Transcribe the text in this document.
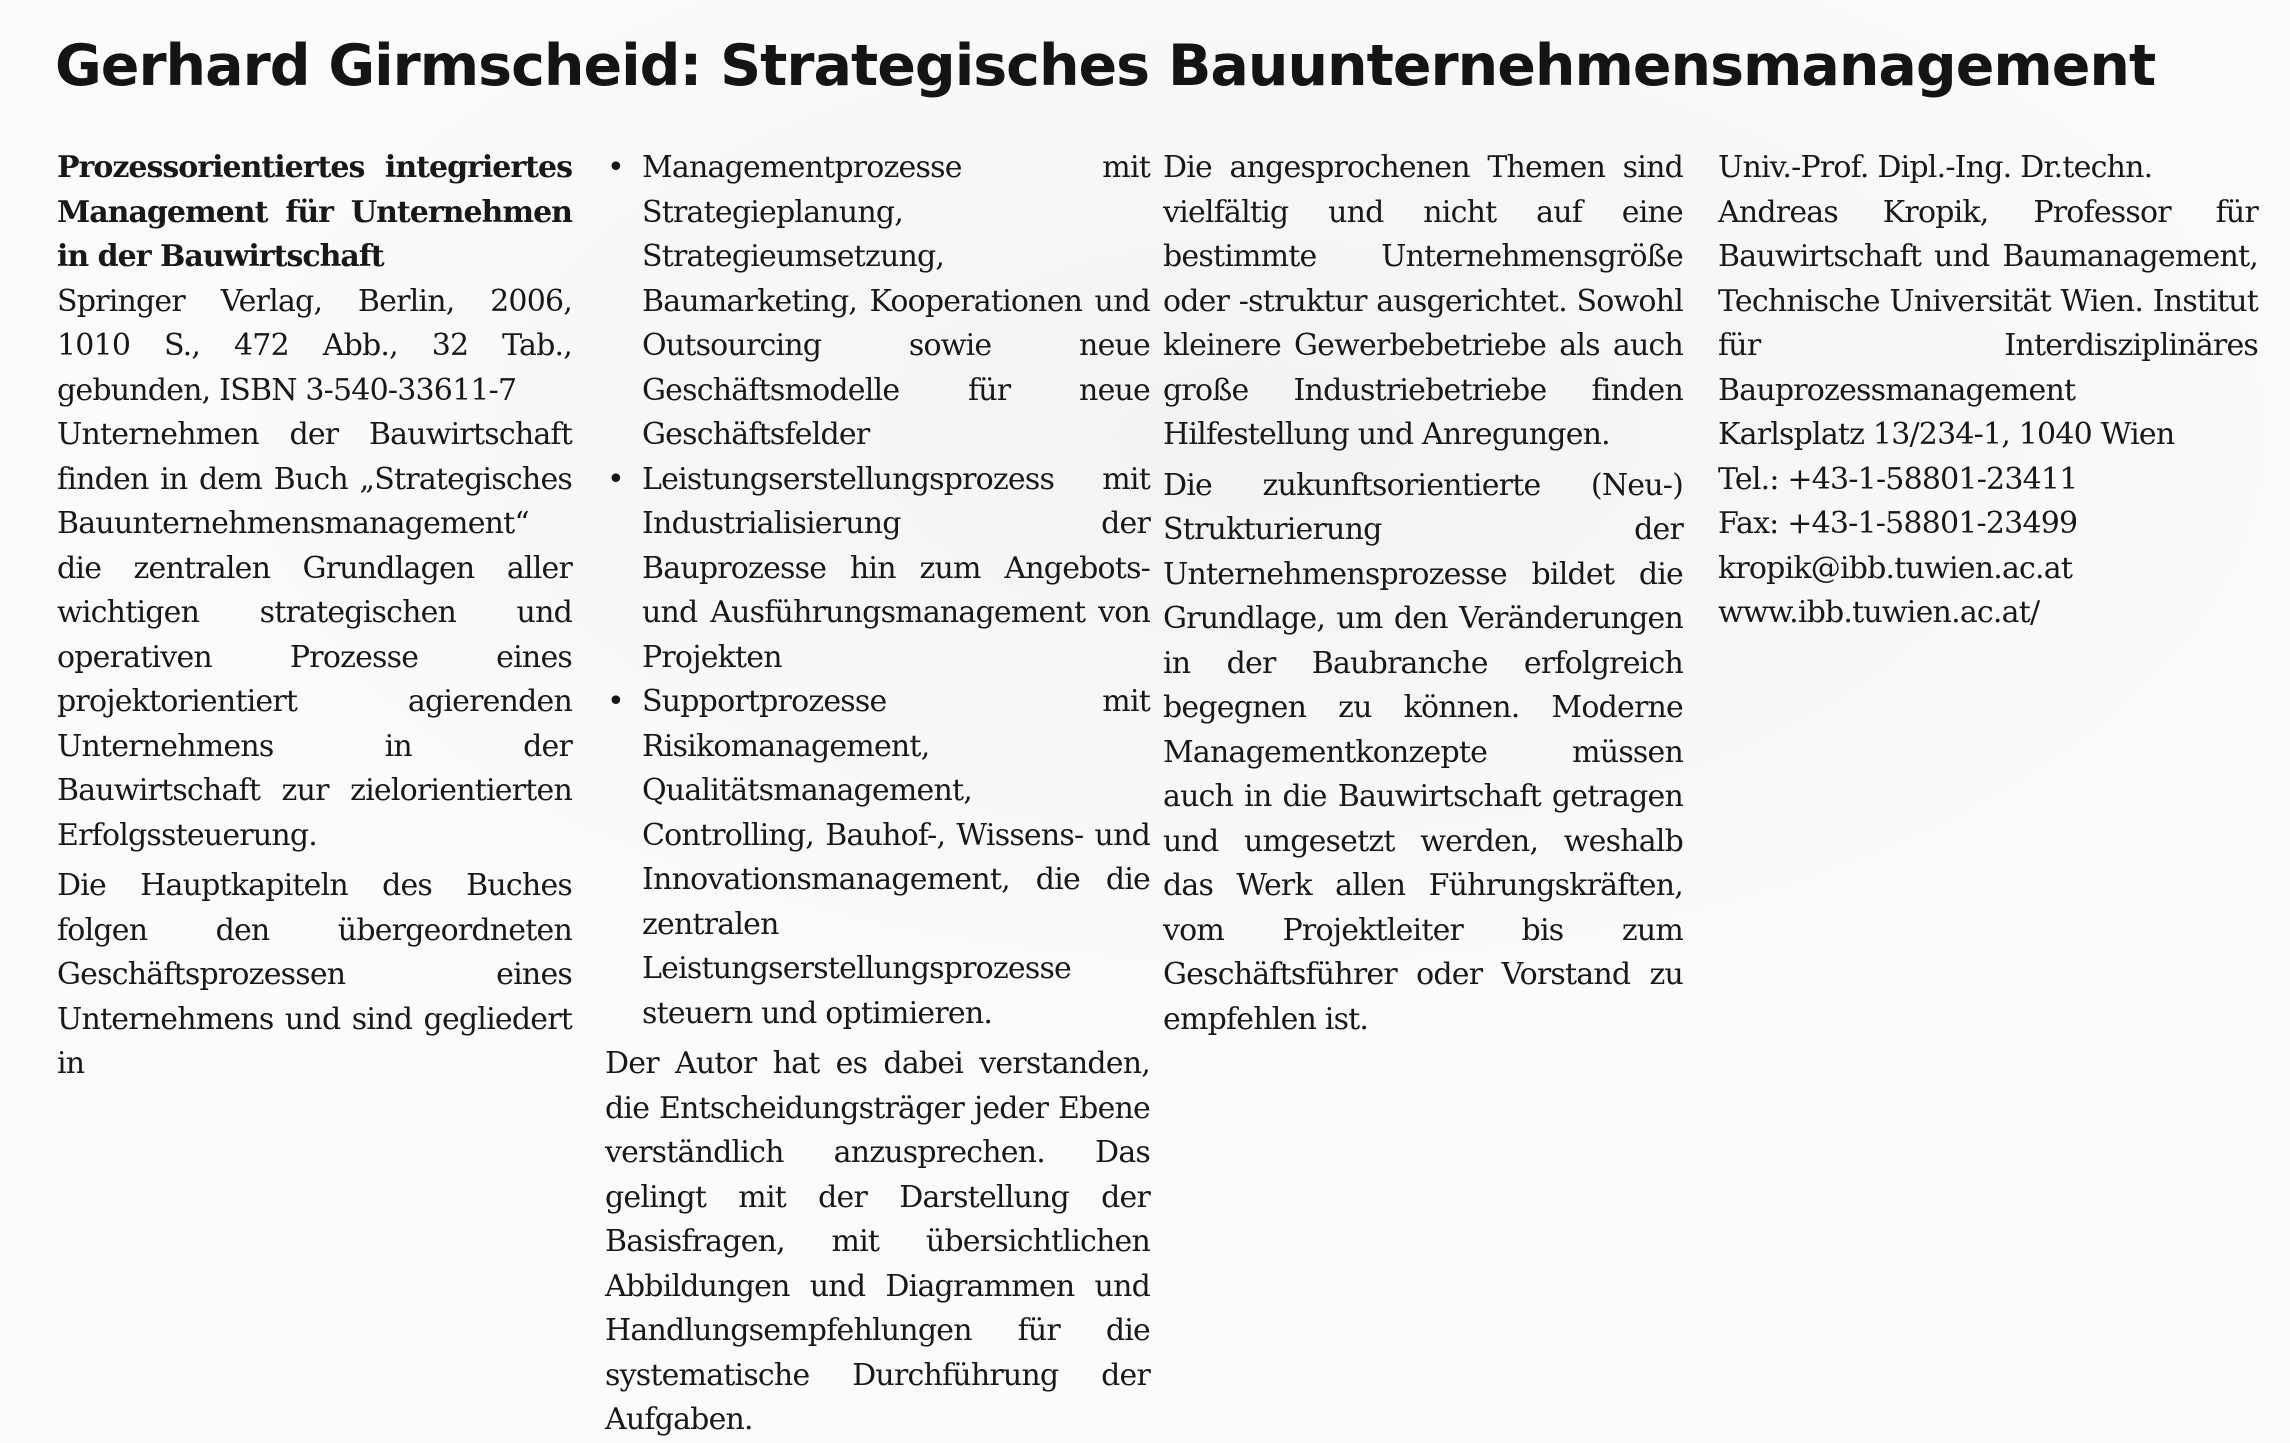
Gerhard Girmscheid: Strategisches Bauunternehmensmanagement

Prozessorientiertes integriertes Management für Unternehmen in der Bauwirtschaft

Springer Verlag, Berlin, 2006, 1010 S., 472 Abb., 32 Tab., gebunden, ISBN 3-540-33611-7

Unternehmen der Bauwirtschaft finden in dem Buch „Strategisches Bauunternehmensmanagement“ die zentralen Grundlagen aller wichtigen strategischen und operativen Prozesse eines projektorientiert agierenden Unternehmens in der Bauwirtschaft zur zielorientierten Erfolgssteuerung.

Die Hauptkapiteln des Buches folgen den übergeordneten Geschäftsprozessen eines Unternehmens und sind gegliedert in

• Managementprozesse mit Strategieplanung, Strategieumsetzung, Baumarketing, Kooperationen und Outsourcing sowie neue Geschäftsmodelle für neue Geschäftsfelder
• Leistungserstellungsprozess mit Industrialisierung der Bauprozesse hin zum Angebots- und Ausführungsmanagement von Projekten
• Supportprozesse mit Risikomanagement, Qualitätsmanagement, Controlling, Bauhof-, Wissens- und Innovationsmanagement, die die zentralen Leistungserstellungsprozesse steuern und optimieren.

Der Autor hat es dabei verstanden, die Entscheidungsträger jeder Ebene verständlich anzusprechen. Das gelingt mit der Darstellung der Basisfragen, mit übersichtlichen Abbildungen und Diagrammen und Handlungsempfehlungen für die systematische Durchführung der Aufgaben.

Die angesprochenen Themen sind vielfältig und nicht auf eine bestimmte Unternehmensgröße oder -struktur ausgerichtet. Sowohl kleinere Gewerbebetriebe als auch große Industriebetriebe finden Hilfestellung und Anregungen.

Die zukunftsorientierte (Neu-) Strukturierung der Unternehmensprozesse bildet die Grundlage, um den Veränderungen in der Baubranche erfolgreich begegnen zu können. Moderne Managementkonzepte müssen auch in die Bauwirtschaft getragen und umgesetzt werden, weshalb das Werk allen Führungskräften, vom Projektleiter bis zum Geschäftsführer oder Vorstand zu empfehlen ist.

Univ.-Prof. Dipl.-Ing. Dr.techn.

Andreas Kropik, Professor für Bauwirtschaft und Baumanagement, Technische Universität Wien. Institut für Interdisziplinäres Bauprozessmanagement

Karlsplatz 13/234-1, 1040 Wien

Tel.: +43-1-58801-23411

Fax: +43-1-58801-23499

kropik@ibb.tuwien.ac.at

www.ibb.tuwien.ac.at/
